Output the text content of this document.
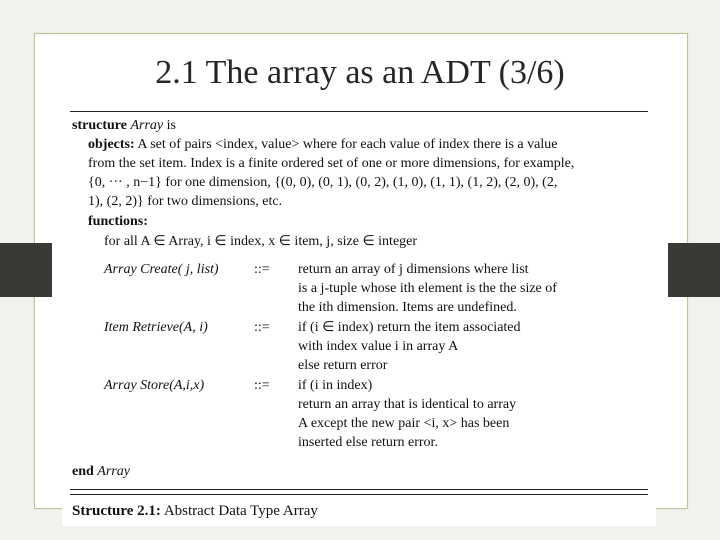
2.1 The array as an ADT (3/6)
structure Array is
objects: A set of pairs <index, value> where for each value of index there is a value
from the set item. Index is a finite ordered set of one or more dimensions, for example,
{0, ··· , n−1} for one dimension, {(0, 0), (0, 1), (0, 2), (1, 0), (1, 1), (1, 2), (2, 0), (2,
1), (2, 2)} for two dimensions, etc.
functions:
for all A ∈ Array, i ∈ index, x ∈ item, j, size ∈ integer
Array Create( j, list)	::= return an array of j dimensions where list
is a j-tuple whose ith element is the the size of
the ith dimension. Items are undefined.
Item Retrieve(A, i)	::= if (i ∈ index) return the item associated
with index value i in array A
else return error
Array Store(A,i,x)	::= if (i in index)
return an array that is identical to array
A except the new pair <i, x> has been
inserted else return error.
end Array
Structure 2.1: Abstract Data Type Array
